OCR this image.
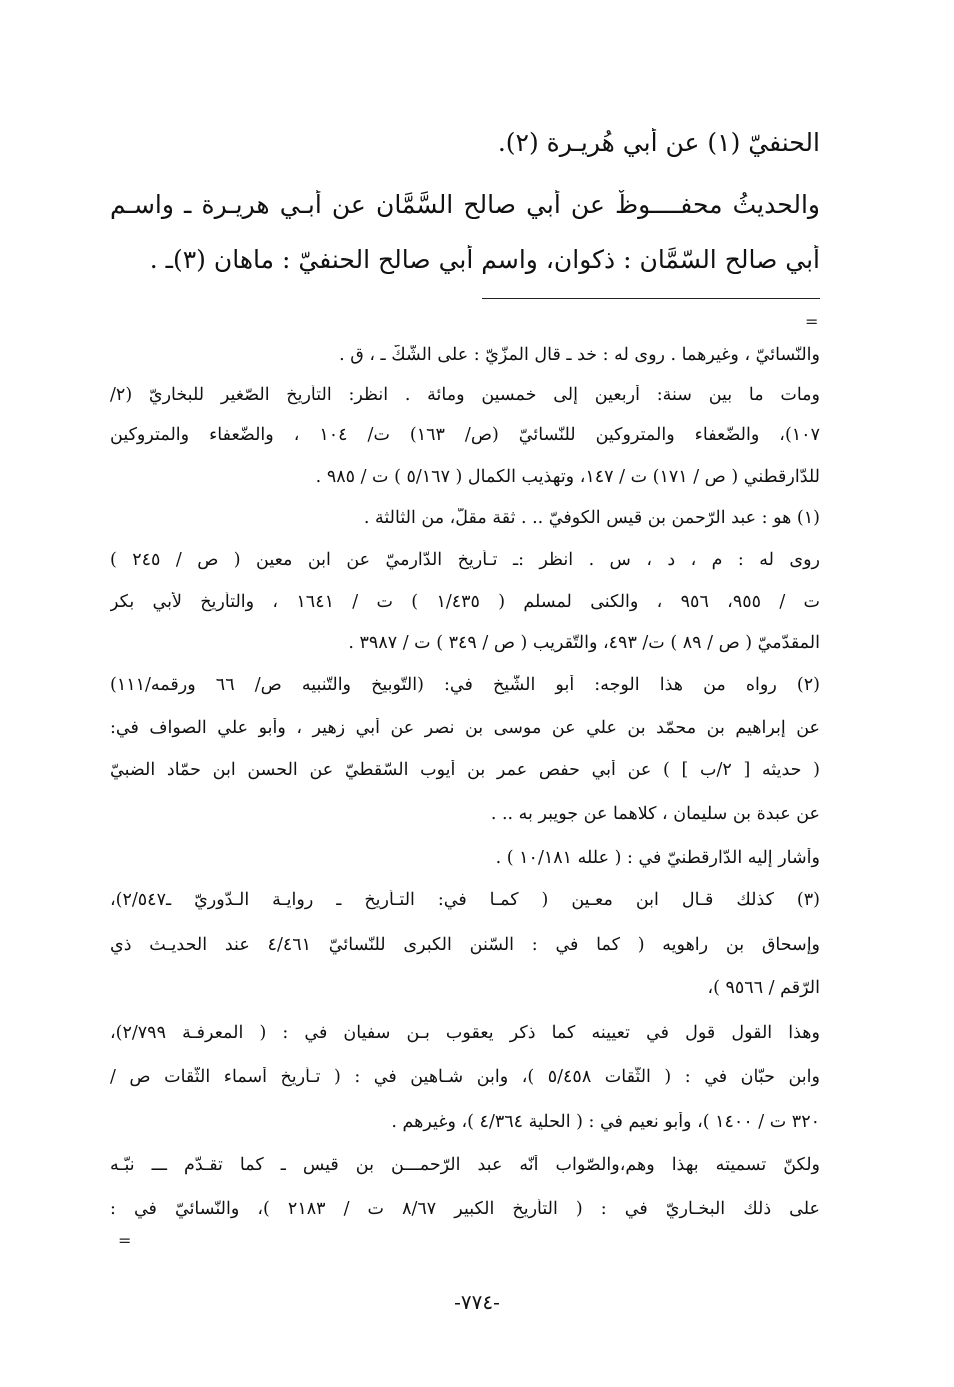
الحنفيّ (١) عن أبي هُريـرة (٢).
والحديثُ محفــــوظٌ عن أبي صالحٍ السَّمَّان عن أَبـي هريـرة ـ واسـم
أَبي صالح السّمَّان : ذكوان، واسم أَبي صالح الحنفيّ : ماهان (٣)ـ .
=
والنّسائيّ ، وغيرهما . روى له : خد ـ قال المزّيّ : على الشّكّ ـ ، ق .
ومات ما بين سنة: أربعين إلى خمسين ومائة . انظر: التأريخ الصّغير للبخاريّ (٢/
١٠٧)، والضّعفاء والمتروكين للنّسائيّ (ص/ ١٦٣) ت/ ١٠٤ ، والضّعفاء والمتروكين
للدّارقطني ( ص / ١٧١) ت / ١٤٧، وتهذيب الكمال ( ٥/١٦٧ ) ت / ٩٨٥ .
(١) هو : عبد الرّحمن بن قيس الكوفيّ .. . ثقة مقلّ، من الثالثة .
روى له : م ، د ، س . انظر :ـ تـأريخ الدّارميّ عن ابن معين ( ص / ٢٤٥ )
ت / ٩٥٥، ٩٥٦ ، والكنى لمسلم ( ١/٤٣٥ ) ت / ١٦٤١ ، والتأريخ لأبي بكر
المقدّميّ ( ص / ٨٩ ) ت/ ٤٩٣، والتّقريب ( ص / ٣٤٩ ) ت / ٣٩٨٧ .
(٢) رواه من هذا الوجه: أبو الشّيخ في: (التّوبيخ والتّنبيه ص/ ٦٦ ورقمه/١١١)
عن إبراهيم بن محمّد بن علي عن موسى بن نصر عن أبي زهير ، وأبو علي الصواف في:
( حديثه [ ٢/ب ] ) عن أبي حفص عمر بن أيوب السّقطيّ عن الحسن ابن حمّاد الضبيّ
عن عبدة بن سليمان ، كلاهما عن جويبر به .. .
وأشار إليه الدّارقطنيّ في : ( علله ١٠/١٨١ ) .
(٣) كذلك قـال ابن معـين ( كمـا في: التـأريخ ـ روايـة الـدّوريّ ـ٢/٥٤٧)،
وإسحاق بن راهويه ( كما في : السّنن الكبرى للنّسائيّ ٤/٤٦١ عند الحديـث ذي
الرّقم / ٩٥٦٦ )،
وهذا القول قول في تعيينه كما ذكر يعقوب بـن سفيان في : ( المعرفـة ٢/٧٩٩)،
وابن حبّان في : ( الثّقات ٥/٤٥٨ )، وابن شـاهين في : ( تـأريخ أسماء الثّقات ص /
٣٢٠ ت / ١٤٠٠ )، وأبو نعيم في : ( الحلية ٤/٣٦٤ )، وغيرهم .
ولكنّ تسميته بهذا وهم،والصّواب أنّه عبد الرّحمـــن بن قيس ـ كما تقـدّم ـــ نبّـه
على ذلك البخـاريّ في : ( التأريخ الكبير ٨/٦٧ ت / ٢١٨٣ )، والنّسائيّ في :
=
-٧٧٤-
